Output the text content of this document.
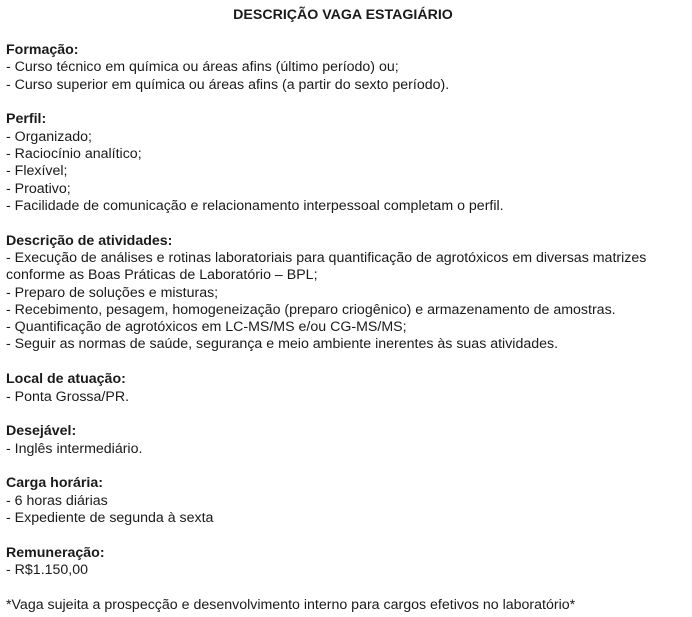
DESCRIÇÃO VAGA ESTAGIÁRIO
Formação:
- Curso técnico em química ou áreas afins (último período) ou;
- Curso superior em química ou áreas afins (a partir do sexto período).
Perfil:
- Organizado;
- Raciocínio analítico;
- Flexível;
- Proativo;
- Facilidade de comunicação e relacionamento interpessoal completam o perfil.
Descrição de atividades:
- Execução de análises e rotinas laboratoriais para quantificação de agrotóxicos em diversas matrizes
conforme as Boas Práticas de Laboratório – BPL;
- Preparo de soluções e misturas;
- Recebimento, pesagem, homogeneização (preparo criogênico) e armazenamento de amostras.
- Quantificação de agrotóxicos em LC-MS/MS e/ou CG-MS/MS;
- Seguir as normas de saúde, segurança e meio ambiente inerentes às suas atividades.
Local de atuação:
- Ponta Grossa/PR.
Desejável:
- Inglês intermediário.
Carga horária:
- 6 horas diárias
- Expediente de segunda à sexta
Remuneração:
- R$1.150,00
*Vaga sujeita a prospecção e desenvolvimento interno para cargos efetivos no laboratório*
